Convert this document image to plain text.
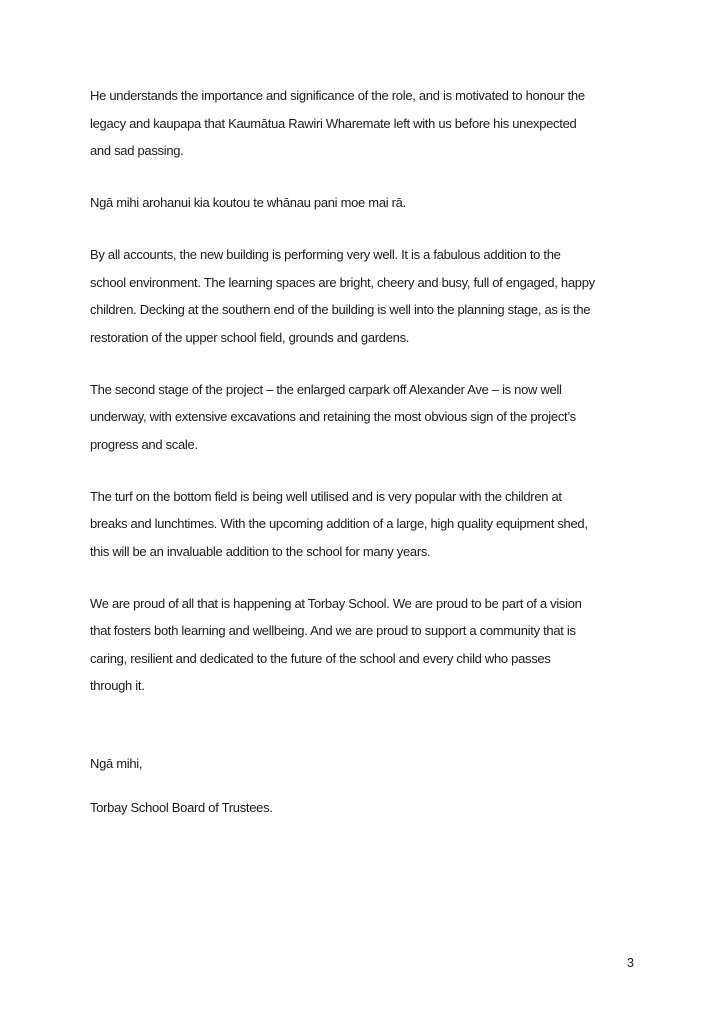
He understands the importance and significance of the role, and is motivated to honour the
legacy and kaupapa that Kaumātua Rawiri Wharemate left with us before his unexpected
and sad passing.
Ngā mihi arohanui kia koutou te whānau pani moe mai rā.
By all accounts, the new building is performing very well. It is a fabulous addition to the
school environment. The learning spaces are bright, cheery and busy, full of engaged, happy
children. Decking at the southern end of the building is well into the planning stage, as is the
restoration of the upper school field, grounds and gardens.
The second stage of the project – the enlarged carpark off Alexander Ave – is now well
underway, with extensive excavations and retaining the most obvious sign of the project’s
progress and scale.
The turf on the bottom field is being well utilised and is very popular with the children at
breaks and lunchtimes. With the upcoming addition of a large, high quality equipment shed,
this will be an invaluable addition to the school for many years.
We are proud of all that is happening at Torbay School. We are proud to be part of a vision
that fosters both learning and wellbeing. And we are proud to support a community that is
caring, resilient and dedicated to the future of the school and every child who passes
through it.
Ngā mihi,
Torbay School Board of Trustees.
3
